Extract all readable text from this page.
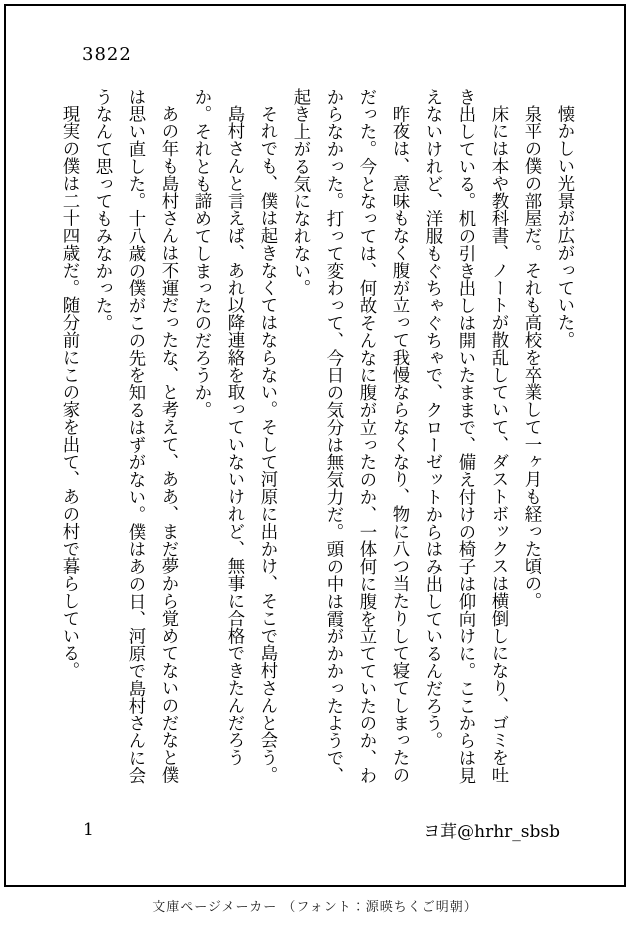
3822

懐かしい光景が広がっていた。

泉平の僕の部屋だ。それも高校を卒業して一ヶ月も経った頃の。

床には本や教科書、ノートが散乱していて、ダストボックスは横倒しになり、ゴミを吐き出している。机の引き出しは開いたままで、備え付けの椅子は仰向けに。ここからは見えないけれど、洋服もぐちゃぐちゃで、クローゼットからはみ出しているんだろう。

昨夜は、意味もなく腹が立って我慢ならなくなり、物に八つ当たりして寝てしまったのだった。今となっては、何故そんなに腹が立ったのか、一体何に腹を立てていたのか、わからなかった。打って変わって、今日の気分は無気力だ。頭の中は霞がかかったようで、起き上がる気になれない。

それでも、僕は起きなくてはならない。そして河原に出かけ、そこで島村さんと会う。

島村さんと言えば、あれ以降連絡を取っていないけれど、無事に合格できたんだろうか。それとも諦めてしまったのだろうか。

あの年も島村さんは不運だったな、と考えて、ああ、まだ夢から覚めてないのだなと僕は思い直した。十八歳の僕がこの先を知るはずがない。僕はあの日、河原で島村さんに会うなんて思ってもみなかった。

現実の僕は二十四歳だ。随分前にこの家を出て、あの村で暮らしている。

1	ヨ茸@hrhr_sbsb
文庫ページメーカー （フォント：源暎ちくご明朝）
